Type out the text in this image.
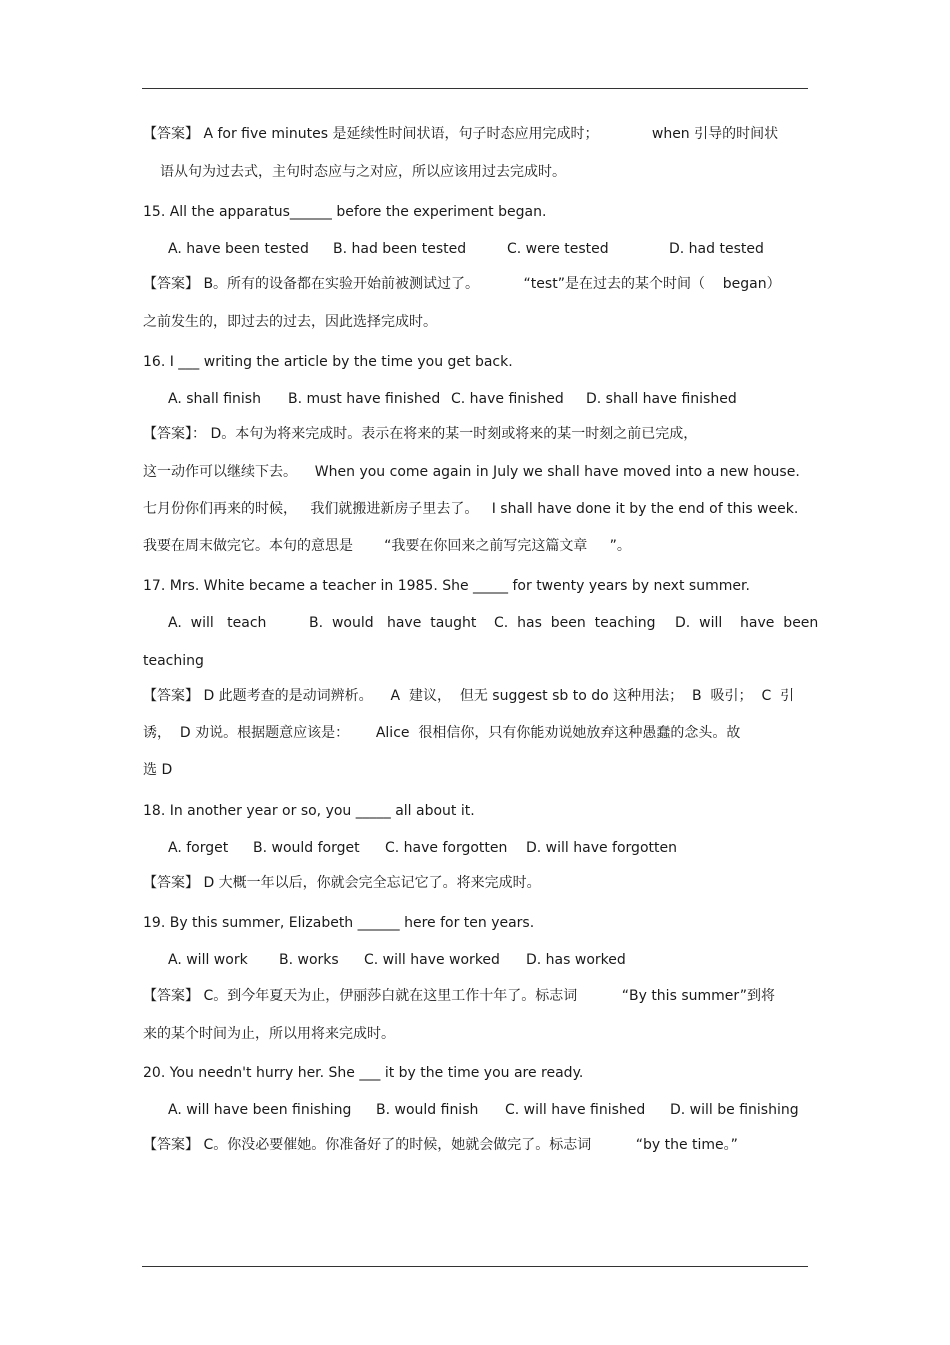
【答案】 A for five minutes 是延续性时间状语，句子时态应用完成时；            when 引导的时间状
语从句为过去式，主句时态应与之对应，所以应该用过去完成时。
15. All the apparatus______ before the experiment began.
A. have been tested B. had been tested	C. were tested	D. had tested
【答案】 B。所有的设备都在实验开始前被测试过了。          “test”是在过去的某个时间（    began）
之前发生的，即过去的过去，因此选择完成时。
16. I ___ writing the article by the time you get back.
A. shall finish B. must have finished C. have finished D. shall have finished
【答案】： D。本句为将来完成时。表示在将来的某一时刻或将来的某一时刻之前已完成，
这一动作可以继续下去。    When you come again in July we shall have moved into a new house.
七月份你们再来的时候，   我们就搬进新房子里去了。   I shall have done it by the end of this week.
我要在周末做完它。本句的意思是       “我要在你回来之前写完这篇文章     ”。
17. Mrs. White became a teacher in 1985. She _____ for twenty years by next summer.
A.  will   teach	B.  would   have  taught C.  has  been  teaching D.  will    have  been
teaching
【答案】 D 此题考查的是动词辨析。    A  建议，  但无 suggest sb to do 这种用法；  B  吸引；  C  引
诱，  D 劝说。根据题意应该是：      Alice  很相信你，只有你能劝说她放弃这种愚蠢的念头。故
选 D
18. In another year or so, you _____ all about it.
A. forget B. would forget C. have forgotten D. will have forgotten
【答案】 D 大概一年以后，你就会完全忘记它了。将来完成时。
19. By this summer, Elizabeth ______ here for ten years.
A. will work B. works C. will have worked D. has worked
【答案】 C。到今年夏天为止，伊丽莎白就在这里工作十年了。标志词          “By this summer”到将
来的某个时间为止，所以用将来完成时。
20. You needn't hurry her. She ___ it by the time you are ready.
A. will have been finishing B. would finish C. will have finished D. will be finishing
【答案】 C。你没必要催她。你准备好了的时候，她就会做完了。标志词          “by the time。”
